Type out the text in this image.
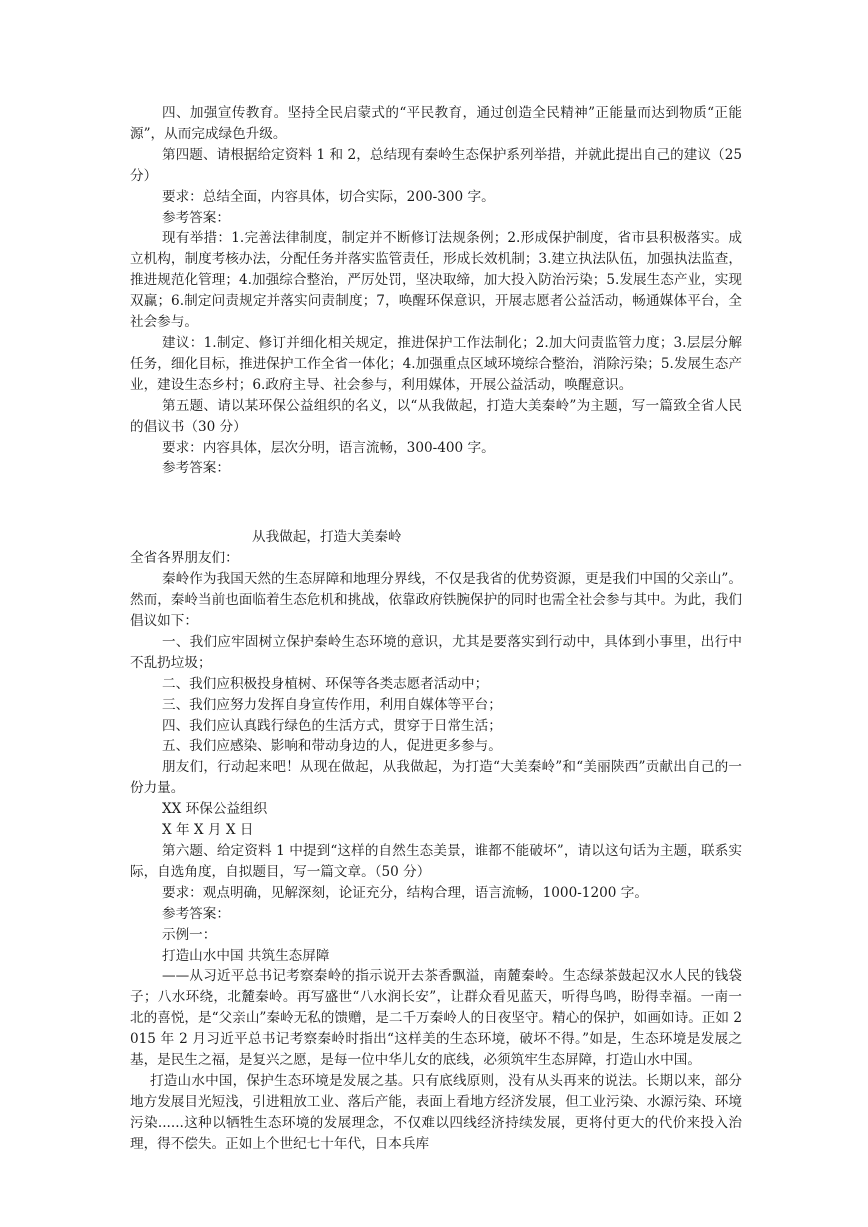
四、加强宣传教育。坚持全民启蒙式的“平民教育，通过创造全民精神”正能量而达到物质“正能源”，从而完成绿色升级。

第四题、请根据给定资料 1 和 2，总结现有秦岭生态保护系列举措，并就此提出自己的建议（25 分）

要求：总结全面，内容具体，切合实际，200-300 字。

参考答案：

现有举措：1.完善法律制度，制定并不断修订法规条例；2.形成保护制度，省市县积极落实。成立机构，制度考核办法，分配任务并落实监管责任，形成长效机制；3.建立执法队伍，加强执法监查，推进规范化管理；4.加强综合整治，严厉处罚，坚决取缔，加大投入防治污染；5.发展生态产业，实现双赢；6.制定问责规定并落实问责制度；7，唤醒环保意识，开展志愿者公益活动，畅通媒体平台，全社会参与。

建议：1.制定、修订并细化相关规定，推进保护工作法制化；2.加大问责监管力度；3.层层分解任务，细化目标，推进保护工作全省一体化；4.加强重点区域环境综合整治，消除污染；5.发展生态产业，建设生态乡村；6.政府主导、社会参与，利用媒体，开展公益活动，唤醒意识。

第五题、请以某环保公益组织的名义，以“从我做起，打造大美秦岭”为主题，写一篇致全省人民的倡议书（30 分）

要求：内容具体，层次分明，语言流畅，300-400 字。

参考答案：

从我做起，打造大美秦岭

全省各界朋友们：

秦岭作为我国天然的生态屏障和地理分界线，不仅是我省的优势资源，更是我们中国的父亲山”。然而，秦岭当前也面临着生态危机和挑战，依靠政府铁腕保护的同时也需全社会参与其中。为此，我们倡议如下：

一、我们应牢固树立保护秦岭生态环境的意识，尤其是要落实到行动中，具体到小事里，出行中不乱扔垃圾；

二、我们应积极投身植树、环保等各类志愿者活动中；

三、我们应努力发挥自身宣传作用，利用自媒体等平台；

四、我们应认真践行绿色的生活方式，贯穿于日常生活；

五、我们应感染、影响和带动身边的人，促进更多参与。

朋友们，行动起来吧！从现在做起，从我做起，为打造“大美秦岭”和“美丽陕西”贡献出自己的一份力量。

XX 环保公益组织

X 年 X 月 X 日

第六题、给定资料 1 中提到“这样的自然生态美景，谁都不能破坏”，请以这句话为主题，联系实际，自选角度，自拟题目，写一篇文章。（50 分）

要求：观点明确，见解深刻，论证充分，结构合理，语言流畅，1000-1200 字。

参考答案：

示例一：

打造山水中国 共筑生态屏障

——从习近平总书记考察秦岭的指示说开去茶香飘溢，南麓秦岭。生态绿茶鼓起汉水人民的钱袋子；八水环绕，北麓秦岭。再写盛世“八水润长安”，让群众看见蓝天，听得鸟鸣，盼得幸福。一南一北的喜悦，是“父亲山”秦岭无私的馈赠，是二千万秦岭人的日夜坚守。精心的保护，如画如诗。正如 2015 年 2 月习近平总书记考察秦岭时指出“这样美的生态环境，破坏不得。”如是，生态环境是发展之基，是民生之福，是复兴之愿，是每一位中华儿女的底线，必须筑牢生态屏障，打造山水中国。

打造山水中国，保护生态环境是发展之基。只有底线原则，没有从头再来的说法。长期以来，部分地方发展目光短浅，引进粗放工业、落后产能，表面上看地方经济发展，但工业污染、水源污染、环境污染......这种以牺牲生态环境的发展理念，不仅难以四线经济持续发展，更将付更大的代价来投入治理，得不偿失。正如上个世纪七十年代，日本兵库
